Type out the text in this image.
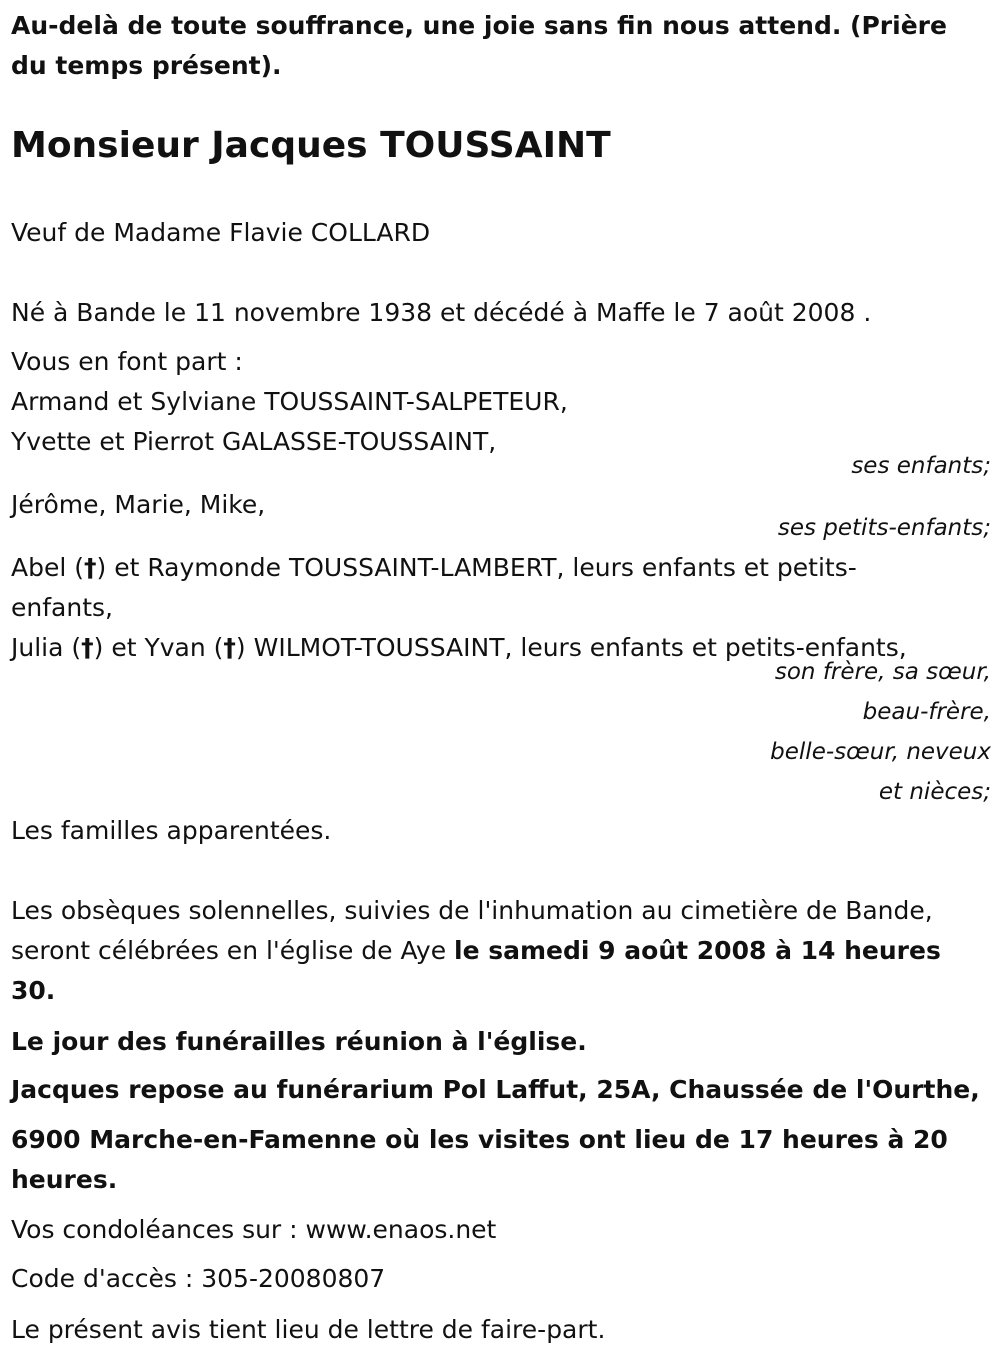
Au-delà de toute souffrance, une joie sans fin nous attend. (Prière du temps présent).
Monsieur Jacques TOUSSAINT
Veuf de Madame Flavie COLLARD
Né à Bande le 11 novembre 1938 et décédé à Maffe le 7 août 2008 .
Vous en font part :
Armand et Sylviane TOUSSAINT-SALPETEUR,
Yvette et Pierrot GALASSE-TOUSSAINT,
ses enfants;
Jérôme, Marie, Mike,
ses petits-enfants;
Abel (†) et Raymonde TOUSSAINT-LAMBERT, leurs enfants et petits-
enfants,
Julia (†) et Yvan (†) WILMOT-TOUSSAINT, leurs enfants et petits-enfants,
son frère, sa sœur,
beau-frère,
belle-sœur, neveux
et nièces;
Les familles apparentées.
Les obsèques solennelles, suivies de l'inhumation au cimetière de Bande, seront célébrées en l'église de Aye le samedi 9 août 2008 à 14 heures 30.
Le jour des funérailles réunion à l'église.
Jacques repose au funérarium Pol Laffut, 25A, Chaussée de l'Ourthe,
6900 Marche-en-Famenne où les visites ont lieu de 17 heures à 20 heures.
Vos condoléances sur : www.enaos.net
Code d'accès : 305-20080807
Le présent avis tient lieu de lettre de faire-part.
